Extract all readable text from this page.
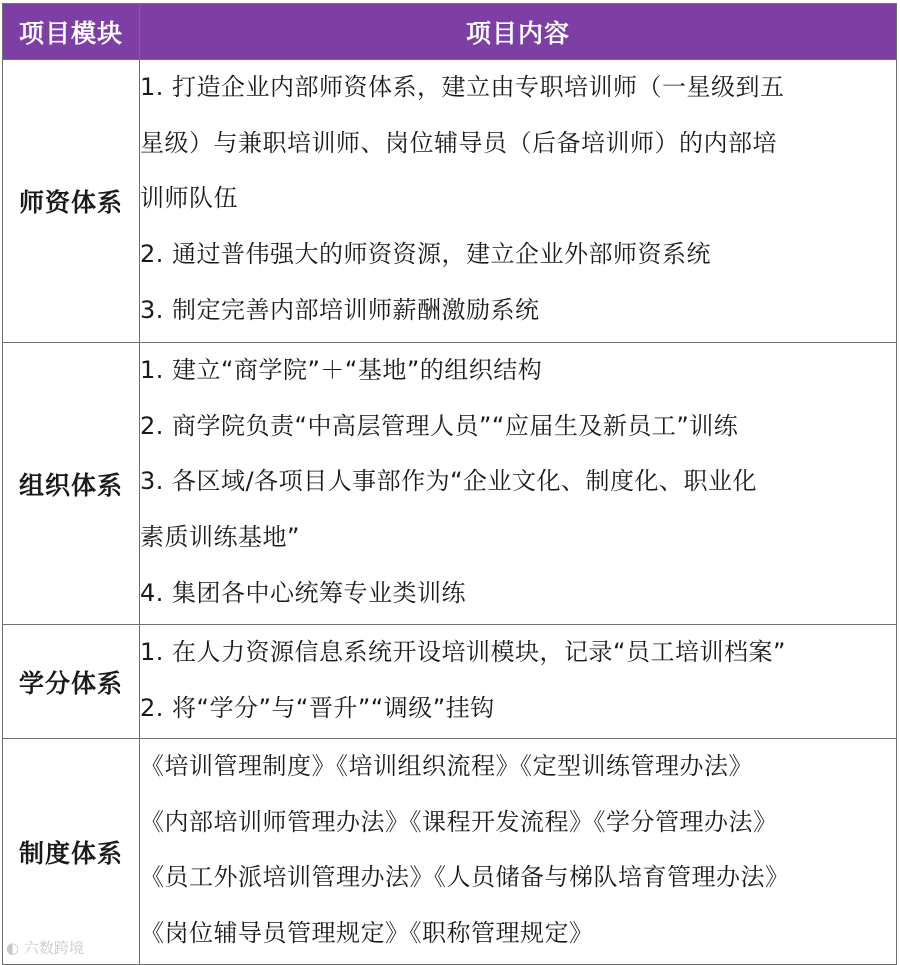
项目模块	项目内容
师资体系	1. 打造企业内部师资体系，建立由专职培训师（一星级到五
星级）与兼职培训师、岗位辅导员（后备培训师）的内部培
训师队伍
2. 通过普伟强大的师资资源，建立企业外部师资系统
3. 制定完善内部培训师薪酬激励系统

组织体系	1. 建立“商学院”＋“基地”的组织结构
2. 商学院负责“中高层管理人员”“应届生及新员工”训练
3. 各区域/各项目人事部作为“企业文化、制度化、职业化
素质训练基地”
4. 集团各中心统筹专业类训练

学分体系	1. 在人力资源信息系统开设培训模块，记录“员工培训档案”
2. 将“学分”与“晋升”“调级”挂钩

制度体系	《培训管理制度》《培训组织流程》《定型训练管理办法》
《内部培训师管理办法》《课程开发流程》《学分管理办法》
《员工外派培训管理办法》《人员储备与梯队培育管理办法》
《岗位辅导员管理规定》《职称管理规定》
◐ 六数跨境
